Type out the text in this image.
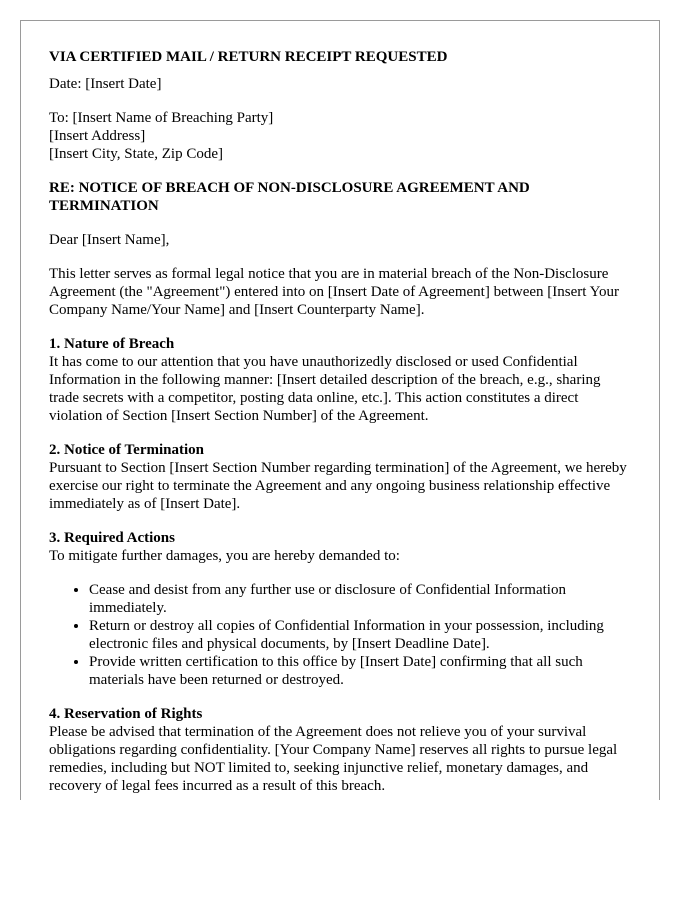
VIA CERTIFIED MAIL / RETURN RECEIPT REQUESTED

Date: [Insert Date]

To: [Insert Name of Breaching Party]

[Insert Address]

[Insert City, State, Zip Code]

RE: NOTICE OF BREACH OF NON-DISCLOSURE AGREEMENT AND TERMINATION

Dear [Insert Name],

This letter serves as formal legal notice that you are in material breach of the Non-Disclosure Agreement (the "Agreement") entered into on [Insert Date of Agreement] between [Insert Your Company Name/Your Name] and [Insert Counterparty Name].

1. Nature of Breach

It has come to our attention that you have unauthorizedly disclosed or used Confidential Information in the following manner: [Insert detailed description of the breach, e.g., sharing trade secrets with a competitor, posting data online, etc.]. This action constitutes a direct violation of Section [Insert Section Number] of the Agreement.

2. Notice of Termination

Pursuant to Section [Insert Section Number regarding termination] of the Agreement, we hereby exercise our right to terminate the Agreement and any ongoing business relationship effective immediately as of [Insert Date].

3. Required Actions

To mitigate further damages, you are hereby demanded to:

• Cease and desist from any further use or disclosure of Confidential Information immediately.
• Return or destroy all copies of Confidential Information in your possession, including electronic files and physical documents, by [Insert Deadline Date].
• Provide written certification to this office by [Insert Date] confirming that all such materials have been returned or destroyed.

4. Reservation of Rights

Please be advised that termination of the Agreement does not relieve you of your survival obligations regarding confidentiality. [Your Company Name] reserves all rights to pursue legal remedies, including but NOT limited to, seeking injunctive relief, monetary damages, and recovery of legal fees incurred as a result of this breach.
